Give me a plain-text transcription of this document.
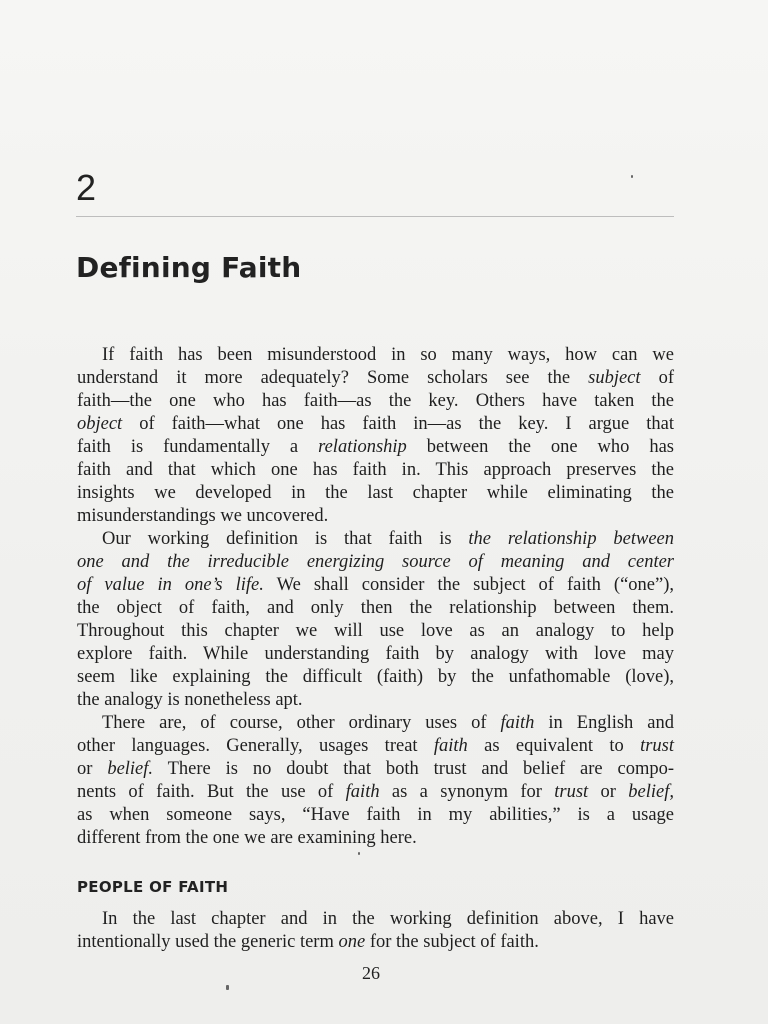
2
Defining Faith
If faith has been misunderstood in so many ways, how can we
understand it more adequately? Some scholars see the subject of
faith—the one who has faith—as the key. Others have taken the
object of faith—what one has faith in—as the key. I argue that
faith is fundamentally a relationship between the one who has
faith and that which one has faith in. This approach preserves the
insights we developed in the last chapter while eliminating the
misunderstandings we uncovered.
Our working definition is that faith is the relationship between
one and the irreducible energizing source of meaning and center
of value in one’s life. We shall consider the subject of faith (“one”),
the object of faith, and only then the relationship between them.
Throughout this chapter we will use love as an analogy to help
explore faith. While understanding faith by analogy with love may
seem like explaining the difficult (faith) by the unfathomable (love),
the analogy is nonetheless apt.
There are, of course, other ordinary uses of faith in English and
other languages. Generally, usages treat faith as equivalent to trust
or belief. There is no doubt that both trust and belief are compo-
nents of faith. But the use of faith as a synonym for trust or belief,
as when someone says, “Have faith in my abilities,” is a usage
different from the one we are examining here.
PEOPLE OF FAITH
In the last chapter and in the working definition above, I have
intentionally used the generic term one for the subject of faith.
26
